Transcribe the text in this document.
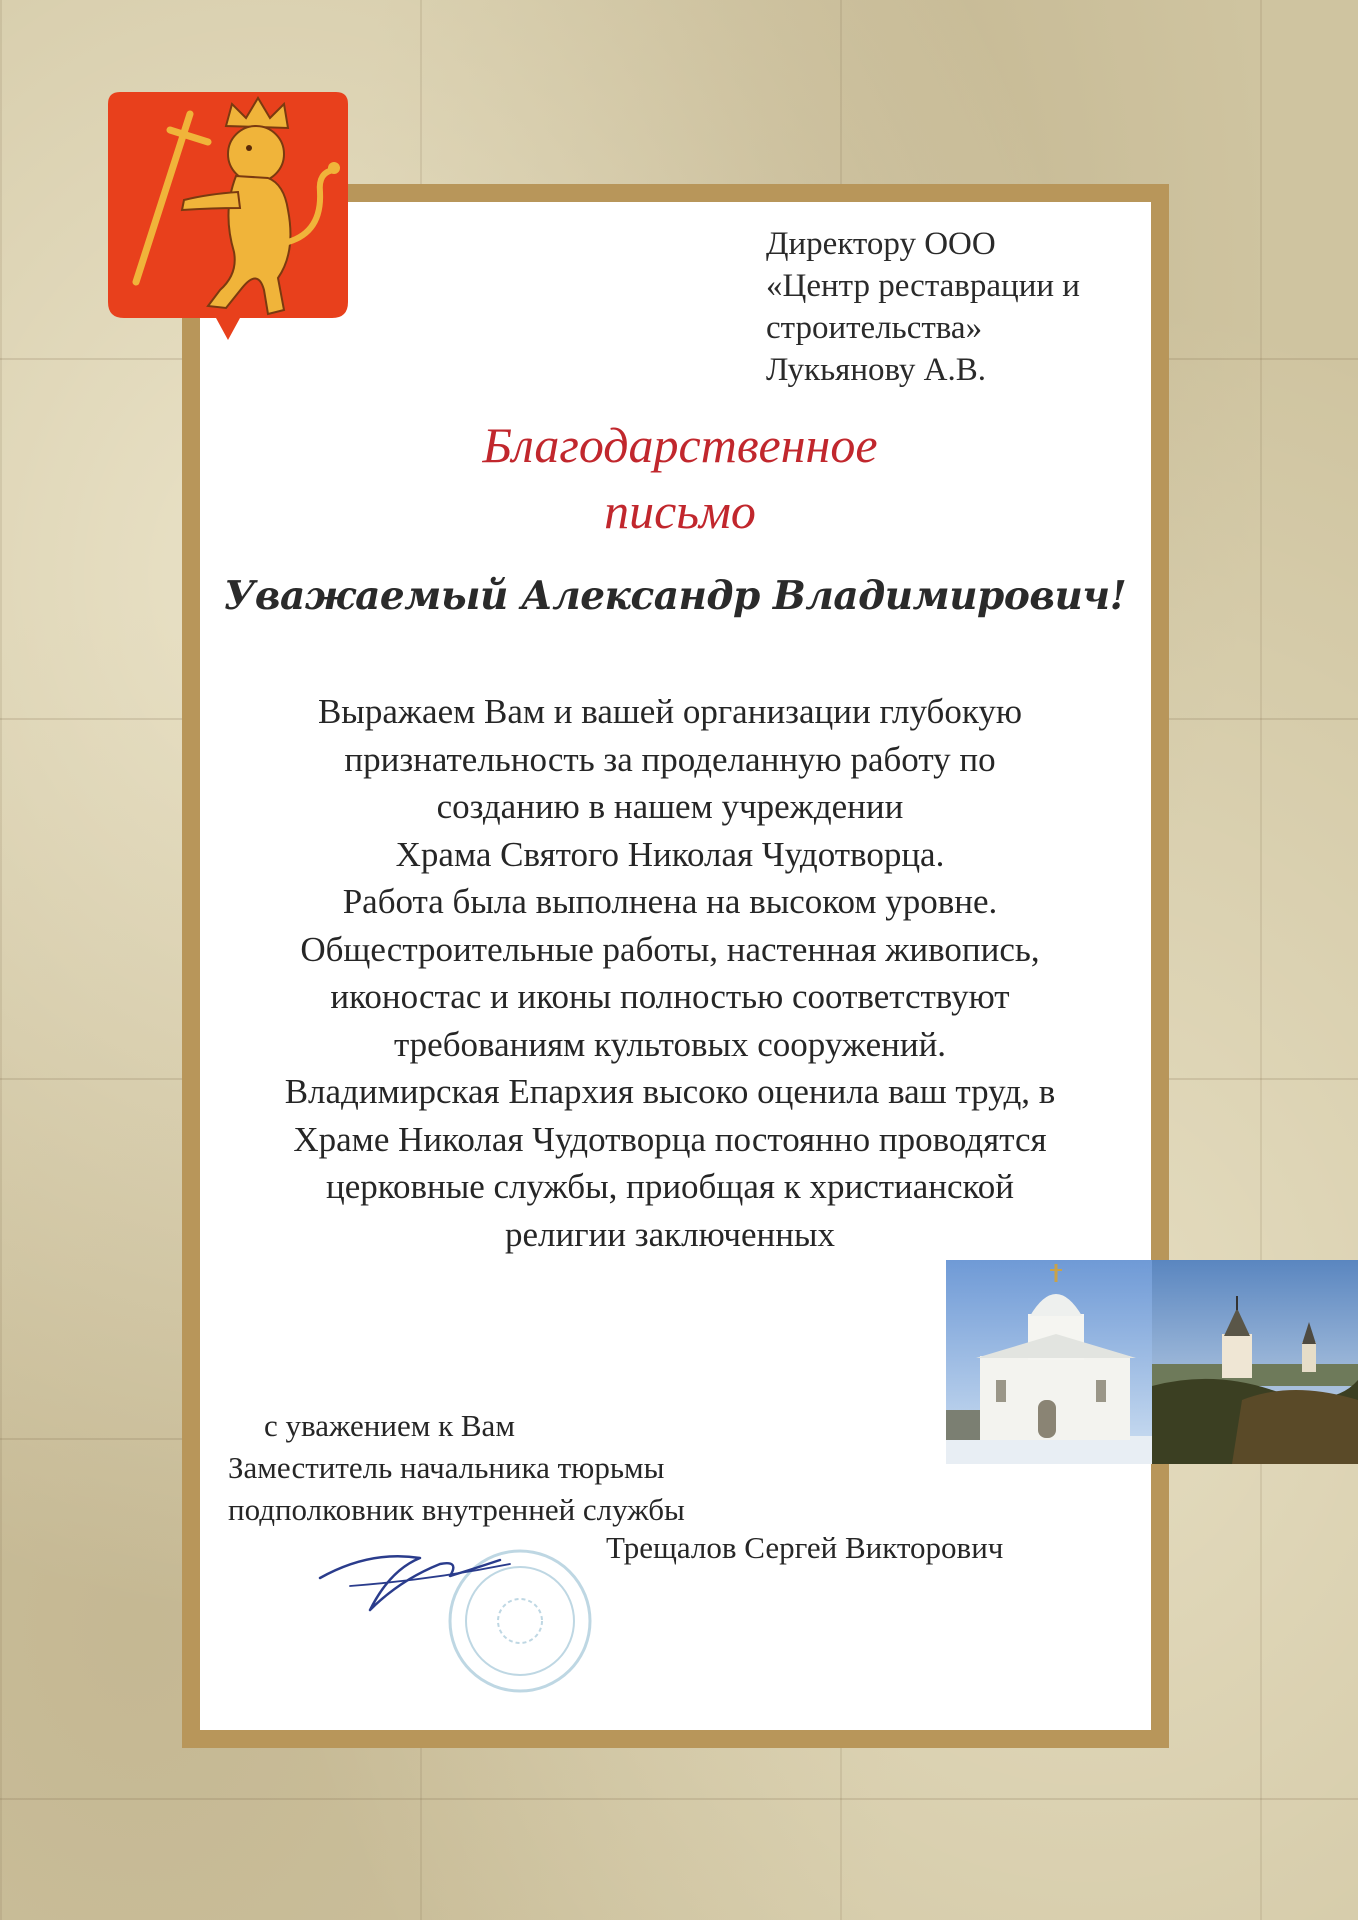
Директору ООО
«Центр реставрации и
строительства»
Лукьянову А.В.
Благодарственное
письмо
Уважаемый Александр Владимирович!
Выражаем Вам и вашей организации глубокую
признательность за проделанную работу по
созданию в нашем учреждении
Храма Святого Николая Чудотворца.
Работа была выполнена на высоком уровне.
Общестроительные работы, настенная живопись,
иконостас и иконы полностью соответствуют
требованиям культовых сооружений.
Владимирская Епархия высоко оценила ваш труд, в
Храме Николая Чудотворца постоянно проводятся
церковные службы, приобщая к христианской
религии заключенных
с уважением к Вам
Заместитель начальника тюрьмы
подполковник внутренней службы
Трещалов Сергей Викторович
